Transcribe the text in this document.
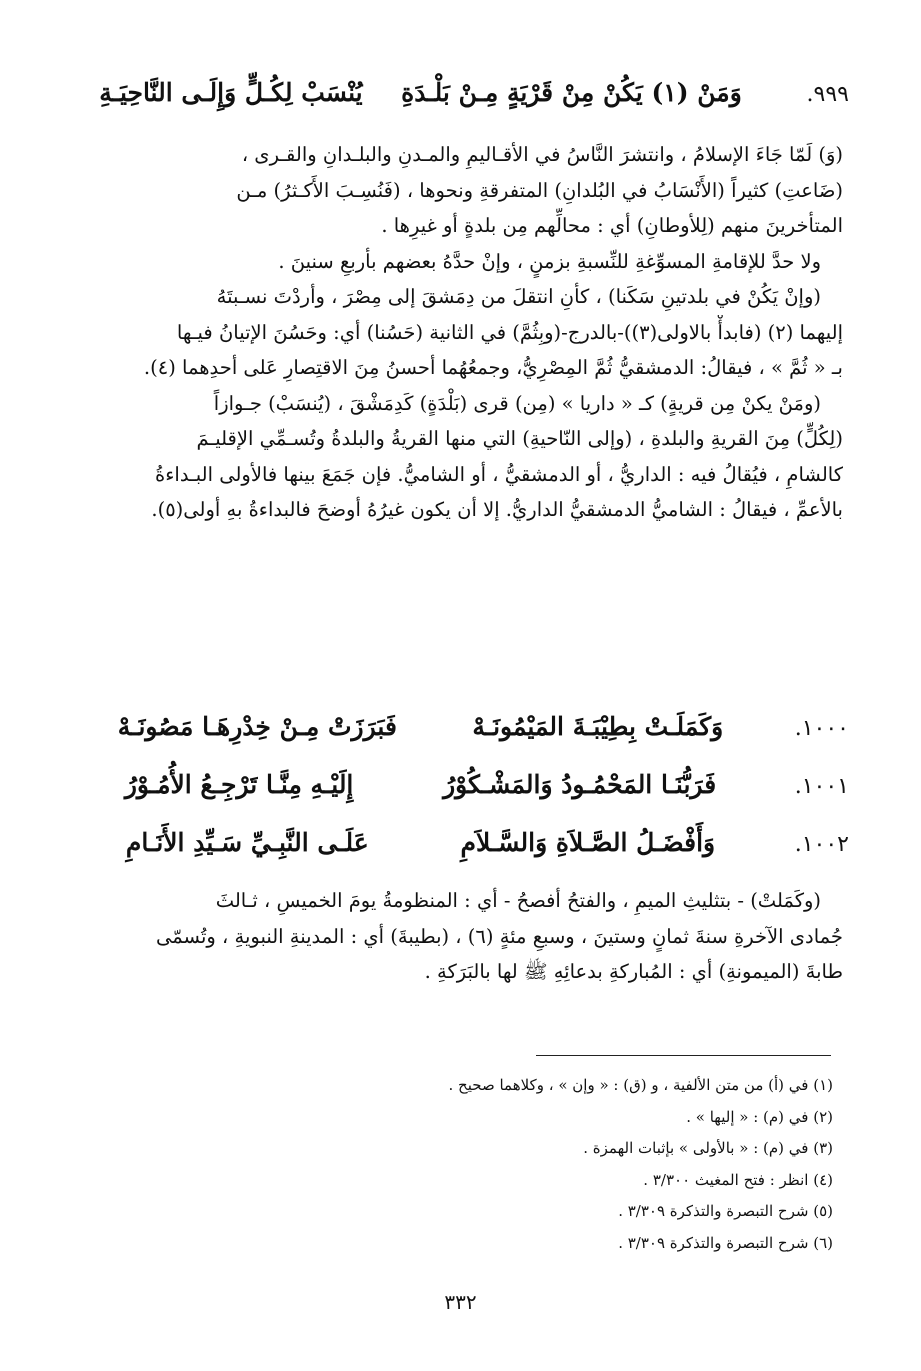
٩٩٩.
وَمَنْ (١) يَكُنْ مِنْ قَرْيَةٍ مِـنْ بَلْـدَةِ
يُنْسَبْ لِكُـلٍّ وَإِلَـى النَّاحِيَـةِ
(وَ) لَمّا جَاءَ الإسلامُ ، وانتشرَ النَّاسُ في الأقـاليمِ والمـدنِ والبلـدانِ والقـرى ،
(ضَاعتِ) كثيراً (الأَنْسَابُ في البُلدانِ) المتفرقةِ ونحوها ، (فَنُسِـبَ الأَكـثرُ) مـن
المتأخرينَ منهم (لِلأوطانِ) أي : محالِّهم مِن بلدةٍ أو غيرِها .
ولا حدَّ للإقامةِ المسوِّغةِ للنِّسبةِ بزمنٍ ، وإنْ حدَّهُ بعضهم بأربعِ سنينَ .
(وإنْ يَكُنْ في بلدتينِ سَكَنا) ، كأنِ انتقلَ من دِمَشقَ إلى مِصْرَ ، وأردْتَ نسـبتَهُ
إليهما (٢) (فابدأْ بالاولى(٣))-بالدرج-(وبِثُمَّ) في الثانية (حَسُنا) أي: وحَسُنَ الإتيانُ فيـها
بـ « ثُمَّ » ، فيقالُ: الدمشقيُّ ثُمَّ المِصْرِيُّ، وجمعُهُما أحسنُ مِنَ الاقتِصارِ عَلى أحدِهما (٤).
(ومَنْ يكنْ مِن قريةٍ) كـ « داريا » (مِن) قرى (بَلْدَةٍ) كَدِمَشْقَ ، (يُنسَبْ) جـوازاً
(لِكُلٍّ) مِنَ القريةِ والبلدةِ ، (وإلى النّاحيةِ) التي منها القريةُ والبلدةُ وتُسـمِّي الإقليـمَ
كالشامِ ، فيُقالُ فيه : الداريُّ ، أو الدمشقيُّ ، أو الشاميُّ. فإن جَمَعَ بينها فالأولى البـداءةُ
بالأعمِّ ، فيقالُ : الشاميُّ الدمشقيُّ الداريُّ. إلا أن يكون غيرُهُ أوضحَ فالبداءةُ بهِ أولى(٥).
١٠٠٠.
وَكَمَلَـتْ بِطِيْبَـةَ المَيْمُونَـهْ
فَبَرَزَتْ مِـنْ خِدْرِهَـا مَصُونَـهْ
١٠٠١.
فَرَبُّنَـا المَحْمُـودُ وَالمَشْـكُوْرُ
إِلَيْـهِ مِنَّـا تَرْجِـعُ الأُمُـوْرُ
١٠٠٢.
وَأَفْضَـلُ الصَّـلاَةِ وَالسَّـلاَمِ
عَلَـى النَّبِـيِّ سَـيِّدِ الأَنَـامِ
(وكَمَلتْ) - بتثليثِ الميمِ ، والفتحُ أفصحُ - أي : المنظومةُ يومَ الخميسِ ، ثـالثَ
جُمادى الآخرةِ سنةَ ثمانٍ وستينَ ، وسبعِ مئةٍ (٦) ، (بطيبةَ) أي : المدينةِ النبويةِ ، وتُسمّى
طابةَ (الميمونةِ) أي : المُباركةِ بدعائِهِ ﷺ لها بالبَرَكةِ .
(١) في (أ) من متن الألفية ، و (ق) : « وإن » ، وكلاهما صحيح .
(٢) في (م) : « إليها » .
(٣) في (م) : « بالأولى » بإثبات الهمزة .
(٤) انظر : فتح المغيث ٣/٣٠٠ .
(٥) شرح التبصرة والتذكرة ٣/٣٠٩ .
(٦) شرح التبصرة والتذكرة ٣/٣٠٩ .
٣٣٢
